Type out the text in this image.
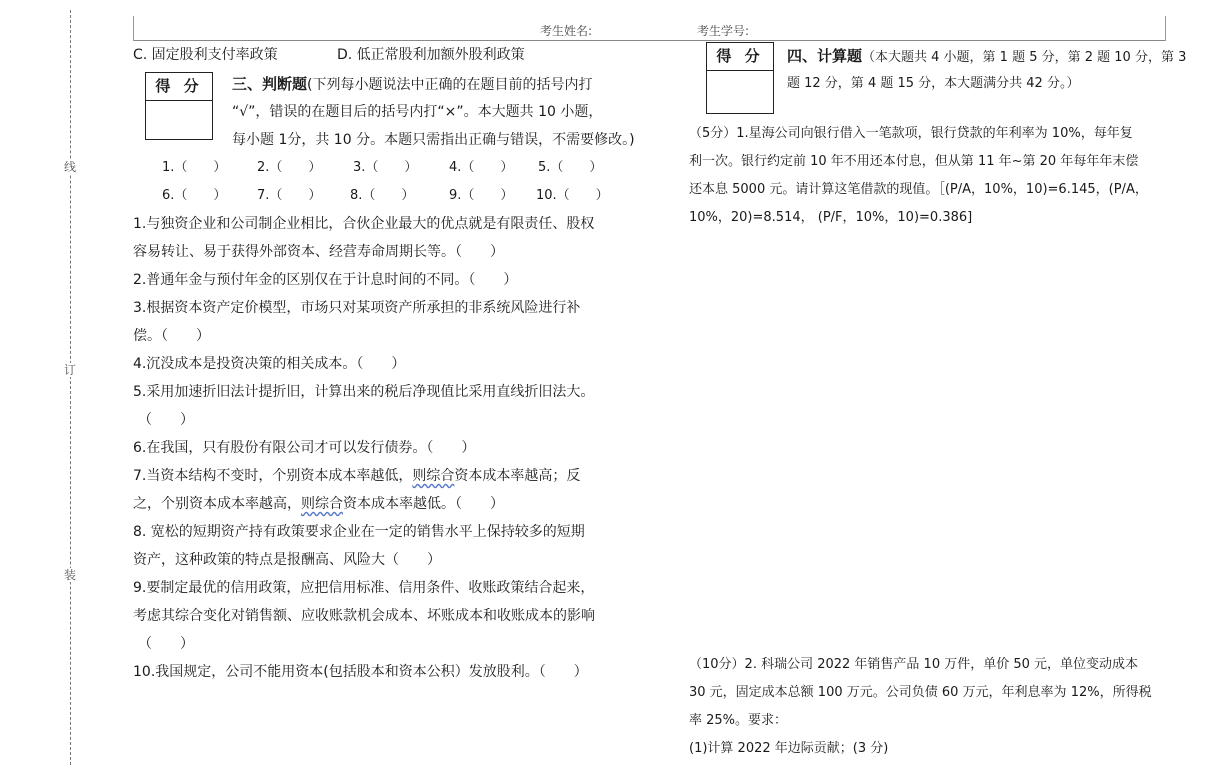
考生姓名:	考生学号:
线
订
装
C. 固定股利支付率政策	D. 低正常股利加额外股利政策
得 分	三、判断题(下列每小题说法中正确的在题目前的括号内打
“√”，错误的在题目后的括号内打“×”。本大题共 10 小题，
每小题 1分，共 10 分。本题只需指出正确与错误，不需要修改。)
1.（　　） 2.（　　） 3.（　　） 4.（　　） 5.（　　）
6.（　　） 7.（　　） 8.（　　）	9.（　　） 10.（　　）
1.与独资企业和公司制企业相比，合伙企业最大的优点就是有限责任、股权
容易转让、易于获得外部资本、经营寿命周期长等。（　　）
2.普通年金与预付年金的区别仅在于计息时间的不同。（　　）
3.根据资本资产定价模型，市场只对某项资产所承担的非系统风险进行补
偿。（　　）
4.沉没成本是投资决策的相关成本。（　　）
5.采用加速折旧法计提折旧，计算出来的税后净现值比采用直线折旧法大。
（　　）
6.在我国，只有股份有限公司才可以发行债券。（　　）
7.当资本结构不变时，个别资本成本率越低，则综合资本成本率越高；反
之，个别资本成本率越高，则综合资本成本率越低。（　　）
8. 宽松的短期资产持有政策要求企业在一定的销售水平上保持较多的短期
资产，这种政策的特点是报酬高、风险大（　　）
9.要制定最优的信用政策，应把信用标准、信用条件、收账政策结合起来，
考虑其综合变化对销售额、应收账款机会成本、坏账成本和收账成本的影响
（　　）
10.我国规定，公司不能用资本(包括股本和资本公积）发放股利。（　　）
得 分	四、计算题（本大题共 4 小题，第 1 题 5 分，第 2 题 10 分，第 3
题 12 分，第 4 题 15 分，本大题满分共 42 分。）
（5分）1.星海公司向银行借入一笔款项，银行贷款的年利率为 10%，每年复
利一次。银行约定前 10 年不用还本付息，但从第 11 年~第 20 年每年年末偿
还本息 5000 元。请计算这笔借款的现值。［(P/A，10%，10)=6.145，(P/A，
10%，20)=8.514， (P/F，10%，10)=0.386]
（10分）2. 科瑞公司 2022 年销售产品 10 万件，单价 50 元，单位变动成本
30 元，固定成本总额 100 万元。公司负债 60 万元，年利息率为 12%，所得税
率 25%。要求：
(1)计算 2022 年边际贡献；(3 分)
